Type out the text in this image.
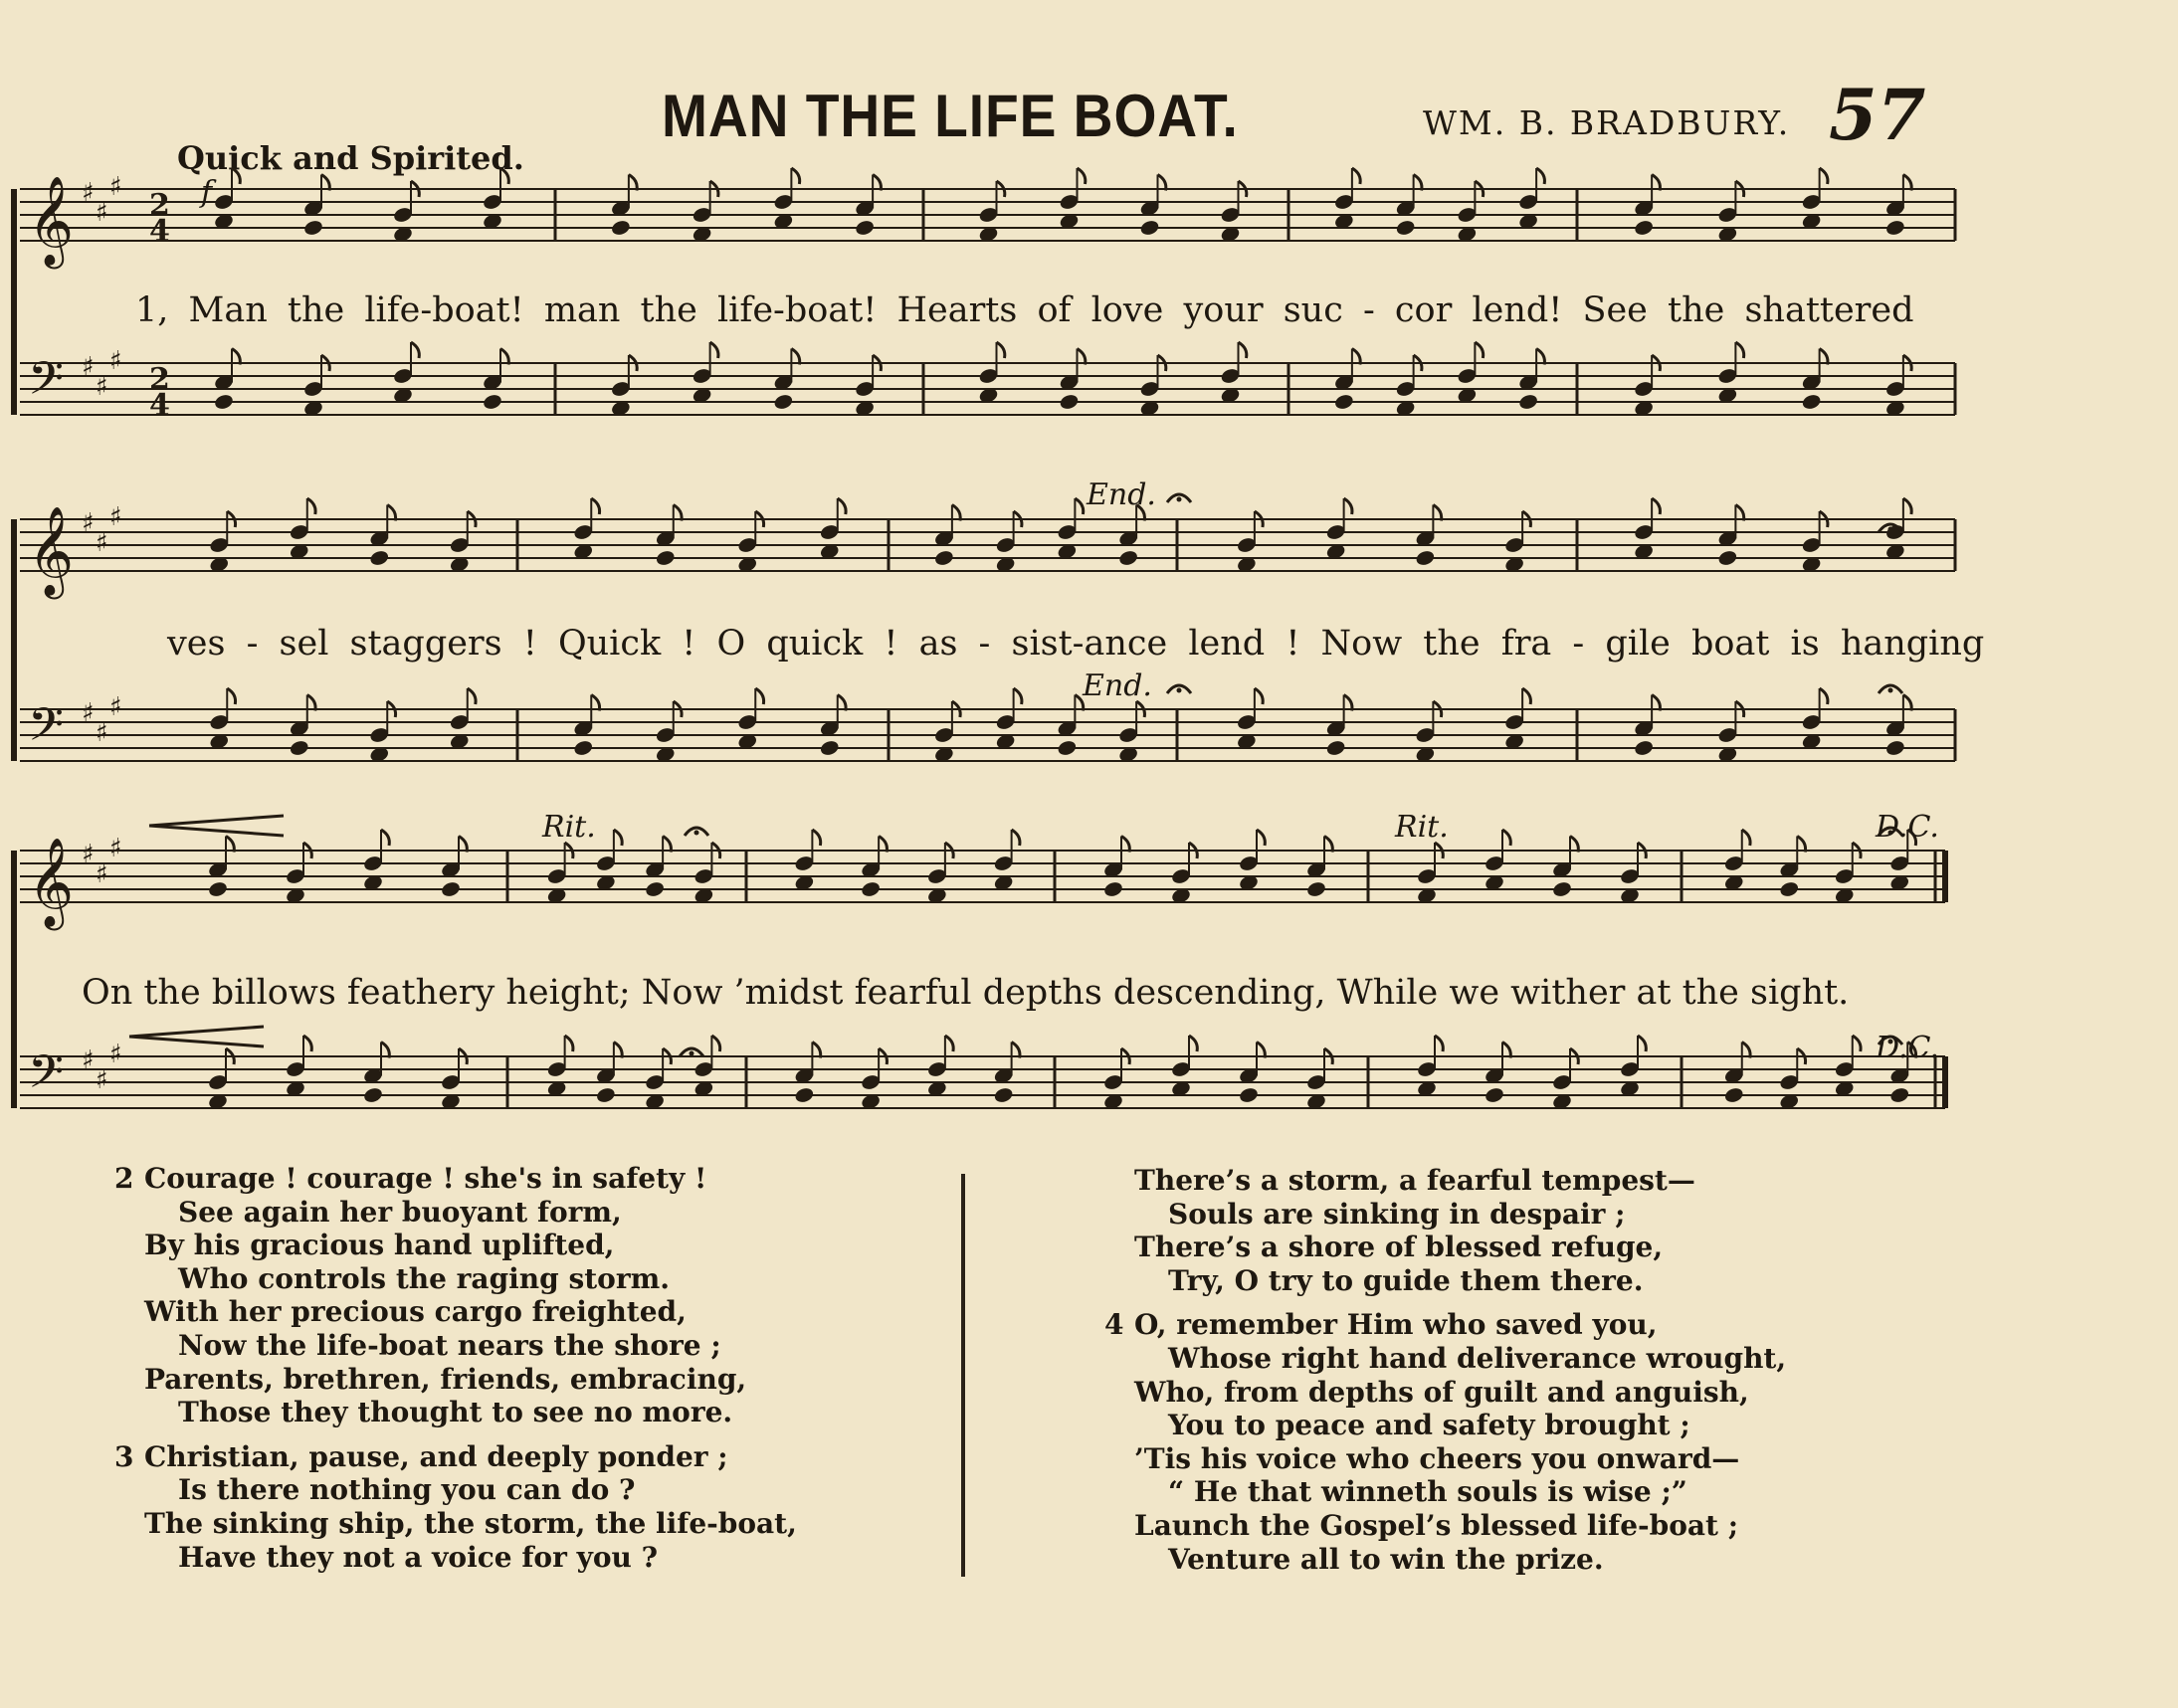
MAN THE LIFE BOAT.	WM. B. BRADBURY. 57
Quick and Spirited.
𝄞 ♯
♯
♯
𝄢 ♯
♯
♯
𝄞 ♯
♯
♯
𝄢 ♯
♯
♯
𝄞 ♯
♯
♯
𝄢 ♯
♯
♯
2
4
2
4
f
End.
End.
Rit.	Rit.	D.C.
D.C.
1, Man the life-boat! man the life-boat! Hearts of love your suc - cor lend! See the shattered
ves - sel staggers ! Quick ! O quick ! as - sist-ance lend ! Now the fra - gile boat is hanging
On the billows feathery height; Now ’midst fearful depths descending, While we wither at the sight.
2 Courage ! courage ! she's in safety !
See again her buoyant form,
By his gracious hand uplifted,
Who controls the raging storm.
With her precious cargo freighted,
Now the life-boat nears the shore ;
Parents, brethren, friends, embracing,
Those they thought to see no more.
3 Christian, pause, and deeply ponder ;
Is there nothing you can do ?
The sinking ship, the storm, the life-boat,
Have they not a voice for you ?
There’s a storm, a fearful tempest—
Souls are sinking in despair ;
There’s a shore of blessed refuge,
Try, O try to guide them there.
4 O, remember Him who saved you,
Whose right hand deliverance wrought,
Who, from depths of guilt and anguish,
You to peace and safety brought ;
’Tis his voice who cheers you onward—
“ He that winneth souls is wise ;”
Launch the Gospel’s blessed life-boat ;
Venture all to win the prize.
